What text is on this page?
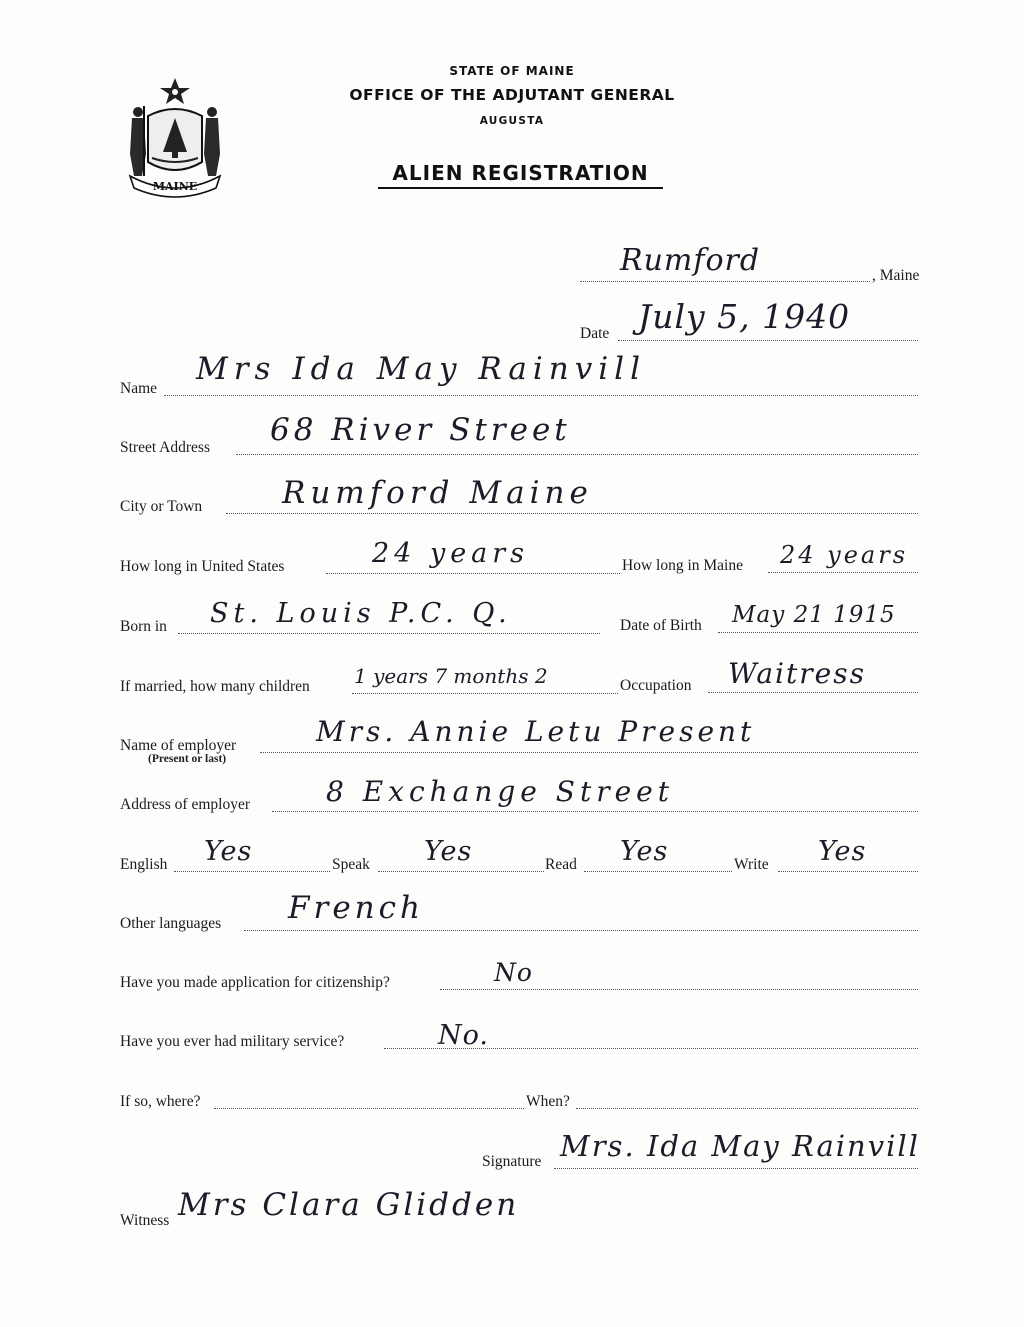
MAINE
STATE OF MAINE
OFFICE OF THE ADJUTANT GENERAL
AUGUSTA
ALIEN REGISTRATION
Rumford	, Maine
Date July 5, 1940
Name
Mrs Ida May Rainvill
Street Address 68 River Street
City or Town	Rumford Maine
How long in United States	24 years	How long in Maine 24 years
Born in St. Louis P.C. Q.	Date of Birth May 21 1915
If married, how many children 1 years 7 months 2	Occupation Waitress
Name of employer
(Present or last)
Mrs. Annie Letu Present
Address of employer	8 Exchange Street
English Yes	Speak Yes	Read Yes	Write Yes
Other languages French
Have you made application for citizenship?	No
Have you ever had military service?	No.
If so, where?	When?
Signature Mrs. Ida May Rainvill
Witness Mrs Clara Glidden
